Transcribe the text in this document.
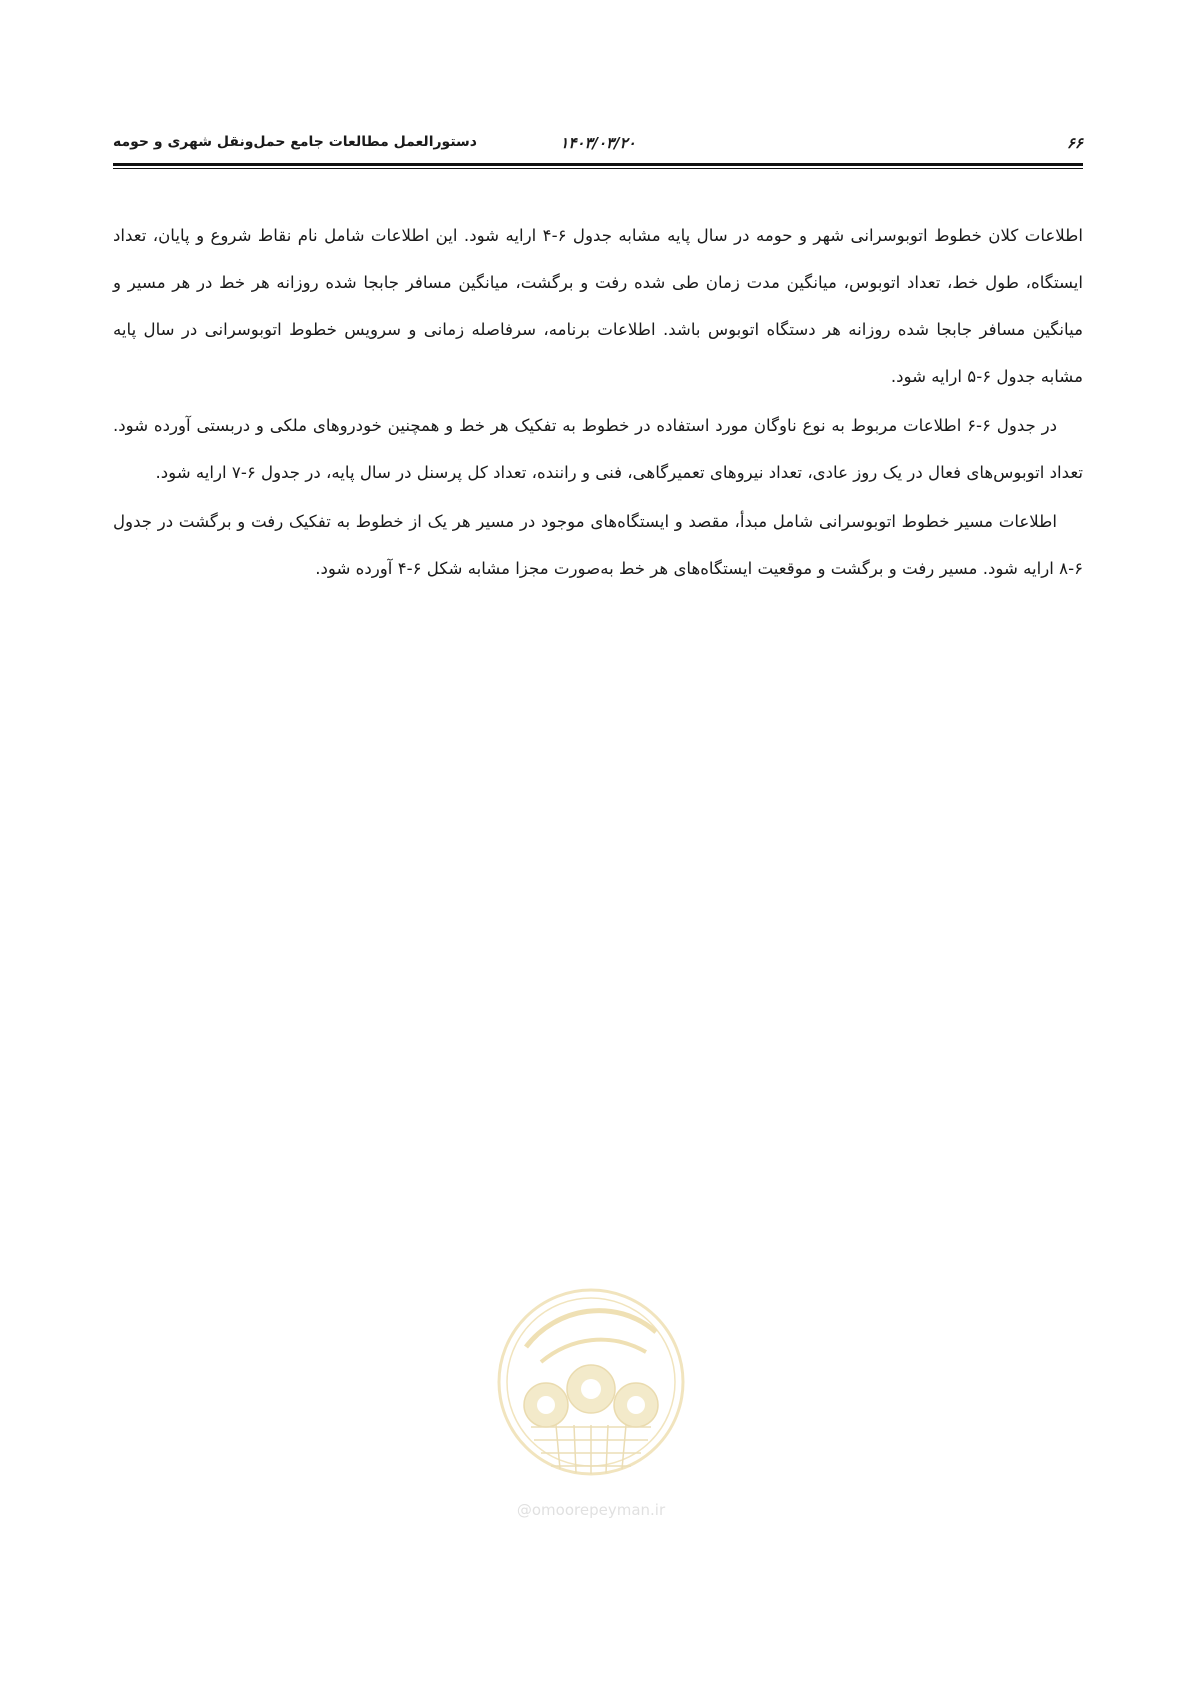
۶۶
۱۴۰۳/۰۳/۲۰
دستورالعمل مطالعات جامع حمل‌ونقل شهری و حومه

اطلاعات کلان خطوط اتوبوسرانی شهر و حومه در سال پایه مشابه جدول ۶-۴ ارایه شود. این اطلاعات شامل نام نقاط شروع و پایان، تعداد ایستگاه، طول خط، تعداد اتوبوس، میانگین مدت زمان طی شده رفت و برگشت، میانگین مسافر جابجا شده روزانه هر خط در هر مسیر و میانگین مسافر جابجا شده روزانه هر دستگاه اتوبوس باشد. اطلاعات برنامه، سرفاصله زمانی و سرویس خطوط اتوبوسرانی در سال پایه مشابه جدول ۶-۵ ارایه شود.

در جدول ۶-۶ اطلاعات مربوط به نوع ناوگان مورد استفاده در خطوط به تفکیک هر خط و همچنین خودروهای ملکی و دربستی آورده شود. تعداد اتوبوس‌های فعال در یک روز عادی، تعداد نیروهای تعمیرگاهی، فنی و راننده، تعداد کل پرسنل در سال پایه، در جدول ۶-۷ ارایه شود.

اطلاعات مسیر خطوط اتوبوسرانی شامل مبدأ، مقصد و ایستگاه‌های موجود در مسیر هر یک از خطوط به تفکیک رفت و برگشت در جدول ۶-۸ ارایه شود. مسیر رفت و برگشت و موقعیت ایستگاه‌های هر خط به‌صورت مجزا مشابه شکل ۶-۴ آورده شود.

@omoorepeyman.ir
